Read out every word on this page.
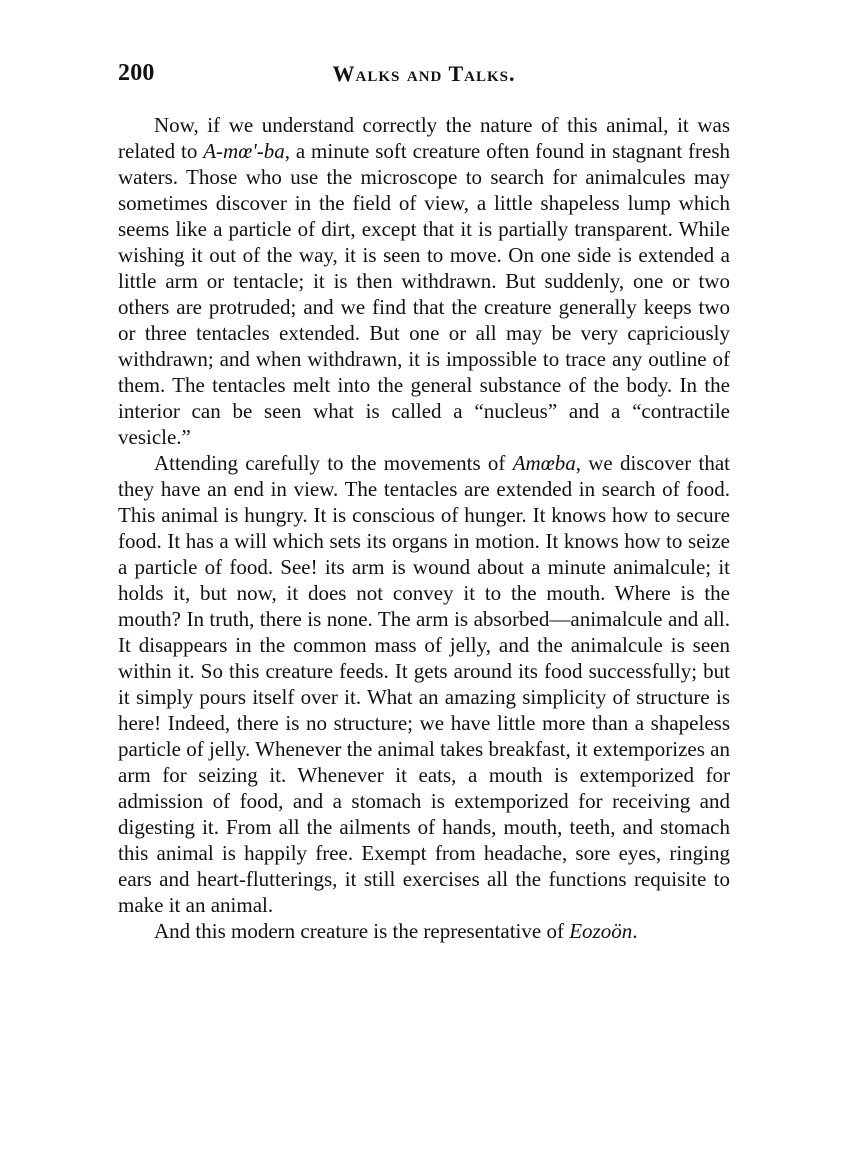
200	Walks and Talks.

Now, if we understand correctly the nature of this animal, it was related to A-mœ'-ba, a minute soft creature often found in stagnant fresh waters. Those who use the microscope to search for animalcules may sometimes discover in the field of view, a little shapeless lump which seems like a particle of dirt, except that it is partially transparent. While wishing it out of the way, it is seen to move. On one side is extended a little arm or tentacle; it is then withdrawn. But suddenly, one or two others are protruded; and we find that the creature generally keeps two or three tentacles extended. But one or all may be very capriciously withdrawn; and when withdrawn, it is impossible to trace any outline of them. The tentacles melt into the general substance of the body. In the interior can be seen what is called a “nucleus” and a “contractile vesicle.”

Attending carefully to the movements of Amœba, we discover that they have an end in view. The tentacles are extended in search of food. This animal is hungry. It is conscious of hunger. It knows how to secure food. It has a will which sets its organs in motion. It knows how to seize a particle of food. See! its arm is wound about a minute animalcule; it holds it, but now, it does not convey it to the mouth. Where is the mouth? In truth, there is none. The arm is absorbed—animalcule and all. It disappears in the common mass of jelly, and the animalcule is seen within it. So this creature feeds. It gets around its food successfully; but it simply pours itself over it. What an amazing simplicity of structure is here! Indeed, there is no structure; we have little more than a shapeless particle of jelly. Whenever the animal takes breakfast, it extemporizes an arm for seizing it. Whenever it eats, a mouth is extemporized for admission of food, and a stomach is extemporized for receiving and digesting it. From all the ailments of hands, mouth, teeth, and stomach this animal is happily free. Exempt from headache, sore eyes, ringing ears and heart-flutterings, it still exercises all the functions requisite to make it an animal.

And this modern creature is the representative of Eozoön.
